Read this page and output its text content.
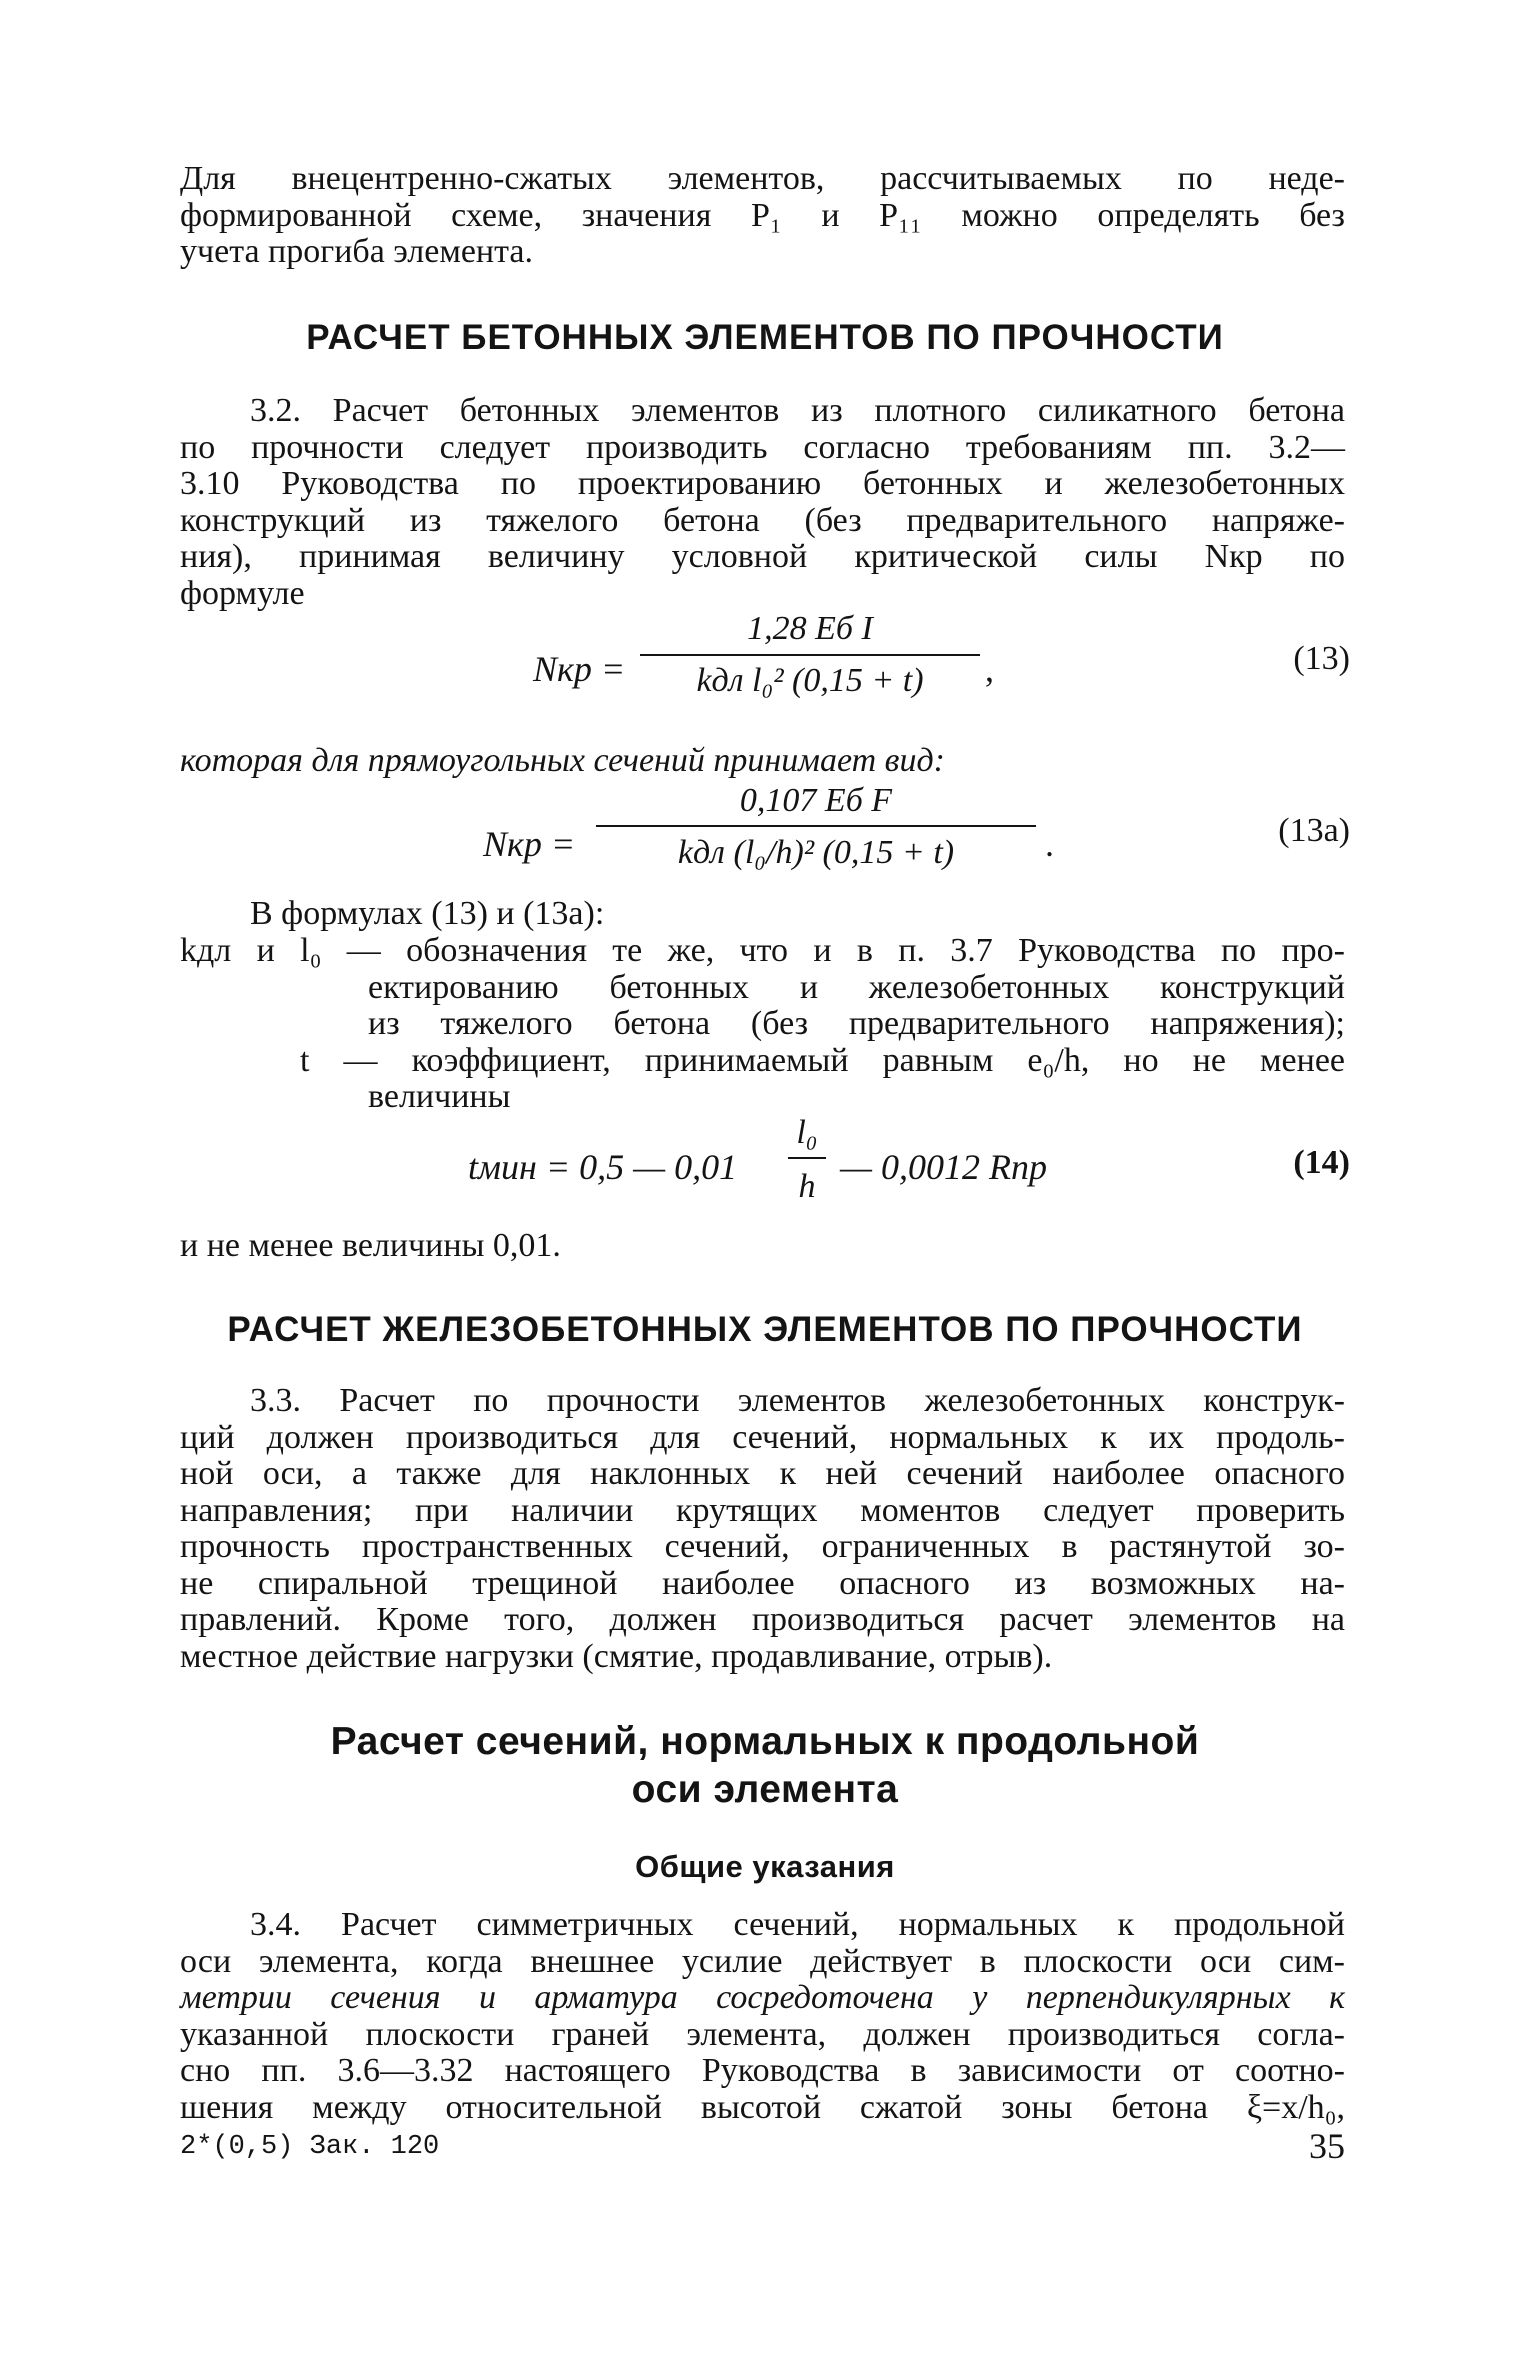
Для внецентренно-сжатых элементов, рассчитываемых по неде-
формированной схеме, значения P₁ и P₁₁ можно определять без
учета прогиба элемента.
РАСЧЕТ БЕТОННЫХ ЭЛЕМЕНТОВ ПО ПРОЧНОСТИ
3.2. Расчет бетонных элементов из плотного силикатного бетона
по прочности следует производить согласно требованиям пп. 3.2—
3.10 Руководства по проектированию бетонных и железобетонных
конструкций из тяжелого бетона (без предварительного напряже-
ния), принимая величину условной критической силы Nкр по
формуле
Nкр =
1,28 Eб I
kдл l₀² (0,15 + t)	,	(13)
которая для прямоугольных сечений принимает вид:
Nкр =
0,107 Eб F
kдл (l₀/h)² (0,15 + t)	.	(13а)
В формулах (13) и (13а):
kдл и l₀ — обозначения те же, что и в п. 3.7 Руководства по про-
ектированию бетонных и железобетонных конструкций
из тяжелого бетона (без предварительного напряжения);
t — коэффициент, принимаемый равным e₀/h, но не менее
величины
tмин = 0,5 — 0,01
l₀
h — 0,0012 Rпр	(14)
и не менее величины 0,01.
РАСЧЕТ ЖЕЛЕЗОБЕТОННЫХ ЭЛЕМЕНТОВ ПО ПРОЧНОСТИ
3.3. Расчет по прочности элементов железобетонных конструк-
ций должен производиться для сечений, нормальных к их продоль-
ной оси, а также для наклонных к ней сечений наиболее опасного
направления; при наличии крутящих моментов следует проверить
прочность пространственных сечений, ограниченных в растянутой зо-
не спиральной трещиной наиболее опасного из возможных на-
правлений. Кроме того, должен производиться расчет элементов на
местное действие нагрузки (смятие, продавливание, отрыв).
Расчет сечений, нормальных к продольной
оси элемента
Общие указания
3.4. Расчет симметричных сечений, нормальных к продольной
оси элемента, когда внешнее усилие действует в плоскости оси сим-
метрии сечения и арматура сосредоточена у перпендикулярных к
указанной плоскости граней элемента, должен производиться согла-
сно пп. 3.6—3.32 настоящего Руководства в зависимости от соотно-
шения между относительной высотой сжатой зоны бетона ξ=x/h₀,
2*(0,5) Зак. 120	35
